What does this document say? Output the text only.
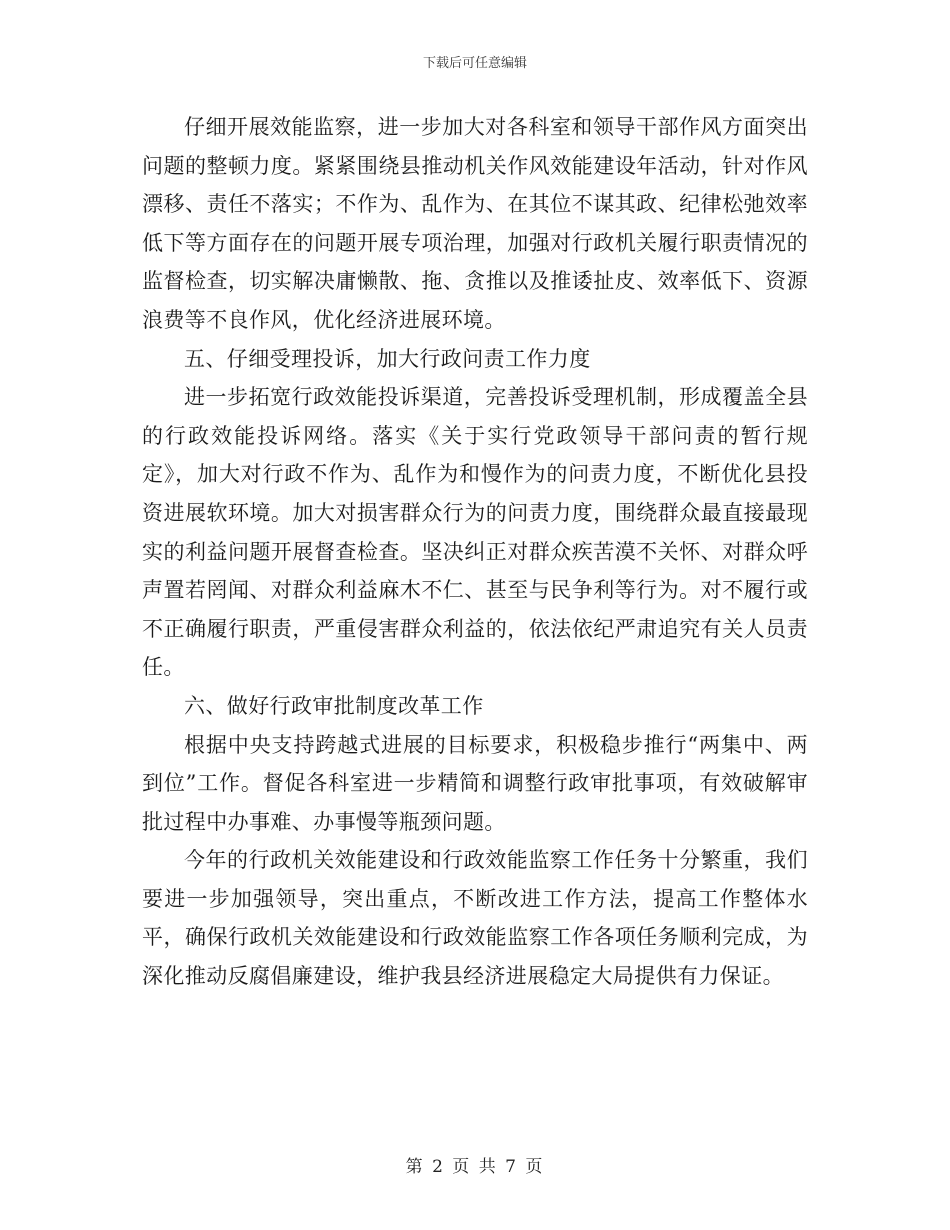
下载后可任意编辑

仔细开展效能监察，进一步加大对各科室和领导干部作风方面突出问题的整顿力度。紧紧围绕县推动机关作风效能建设年活动，针对作风漂移、责任不落实；不作为、乱作为、在其位不谋其政、纪律松弛效率低下等方面存在的问题开展专项治理，加强对行政机关履行职责情况的监督检查，切实解决庸懒散、拖、贪推以及推诿扯皮、效率低下、资源浪费等不良作风，优化经济进展环境。

五、仔细受理投诉，加大行政问责工作力度

进一步拓宽行政效能投诉渠道，完善投诉受理机制，形成覆盖全县的行政效能投诉网络。落实《关于实行党政领导干部问责的暂行规定》，加大对行政不作为、乱作为和慢作为的问责力度，不断优化县投资进展软环境。加大对损害群众行为的问责力度，围绕群众最直接最现实的利益问题开展督查检查。坚决纠正对群众疾苦漠不关怀、对群众呼声置若罔闻、对群众利益麻木不仁、甚至与民争利等行为。对不履行或不正确履行职责，严重侵害群众利益的，依法依纪严肃追究有关人员责任。

六、做好行政审批制度改革工作

根据中央支持跨越式进展的目标要求，积极稳步推行“两集中、两到位”工作。督促各科室进一步精简和调整行政审批事项，有效破解审批过程中办事难、办事慢等瓶颈问题。

今年的行政机关效能建设和行政效能监察工作任务十分繁重，我们要进一步加强领导，突出重点，不断改进工作方法，提高工作整体水平，确保行政机关效能建设和行政效能监察工作各项任务顺利完成，为深化推动反腐倡廉建设，维护我县经济进展稳定大局提供有力保证。

第 2 页 共 7 页
